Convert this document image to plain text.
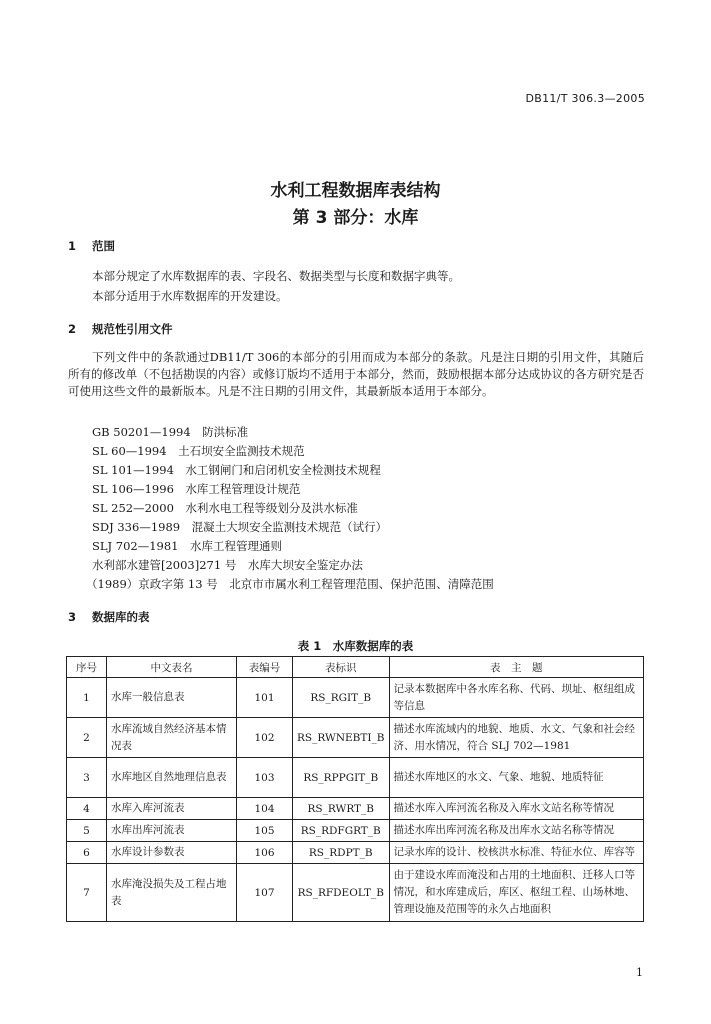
DB11/T 306.3—2005
水利工程数据库表结构
第 3 部分：水库
1 范围
本部分规定了水库数据库的表、字段名、数据类型与长度和数据字典等。
本部分适用于水库数据库的开发建设。
2 规范性引用文件
下列文件中的条款通过DB11/T 306的本部分的引用而成为本部分的条款。凡是注日期的引用文件，其随后所有的修改单（不包括勘误的内容）或修订版均不适用于本部分，然而，鼓励根据本部分达成协议的各方研究是否可使用这些文件的最新版本。凡是不注日期的引用文件，其最新版本适用于本部分。
GB 50201—1994　防洪标准
SL 60—1994　土石坝安全监测技术规范
SL 101—1994　水工钢闸门和启闭机安全检测技术规程
SL 106—1996　水库工程管理设计规范
SL 252—2000　水利水电工程等级划分及洪水标准
SDJ 336—1989　混凝土大坝安全监测技术规范（试行）
SLJ 702—1981　水库工程管理通则
水利部水建管[2003]271 号　水库大坝安全鉴定办法
（1989）京政字第 13 号　北京市市属水利工程管理范围、保护范围、清障范围
3 数据库的表
表 1　水库数据库的表
序号	中文表名	表编号	表标识	表　主　题
1	水库一般信息表	101	RS_RGIT_B	记录本数据库中各水库名称、代码、坝址、枢纽组成等信息
2	水库流域自然经济基本情况表	102	RS_RWNEBTI_B	描述水库流域内的地貌、地质、水文、气象和社会经济、用水情况，符合 SLJ 702—1981
3	水库地区自然地理信息表	103	RS_RPPGIT_B	描述水库地区的水文、气象、地貌、地质特征
4	水库入库河流表	104	RS_RWRT_B	描述水库入库河流名称及入库水文站名称等情况
5	水库出库河流表	105	RS_RDFGRT_B	描述水库出库河流名称及出库水文站名称等情况
6	水库设计参数表	106	RS_RDPT_B	记录水库的设计、校核洪水标准、特征水位、库容等
7	水库淹没损失及工程占地表	107	RS_RFDEOLT_B	由于建设水库而淹没和占用的土地面积、迁移人口等情况，和水库建成后，库区、枢纽工程、山场林地、管理设施及范围等的永久占地面积
1
